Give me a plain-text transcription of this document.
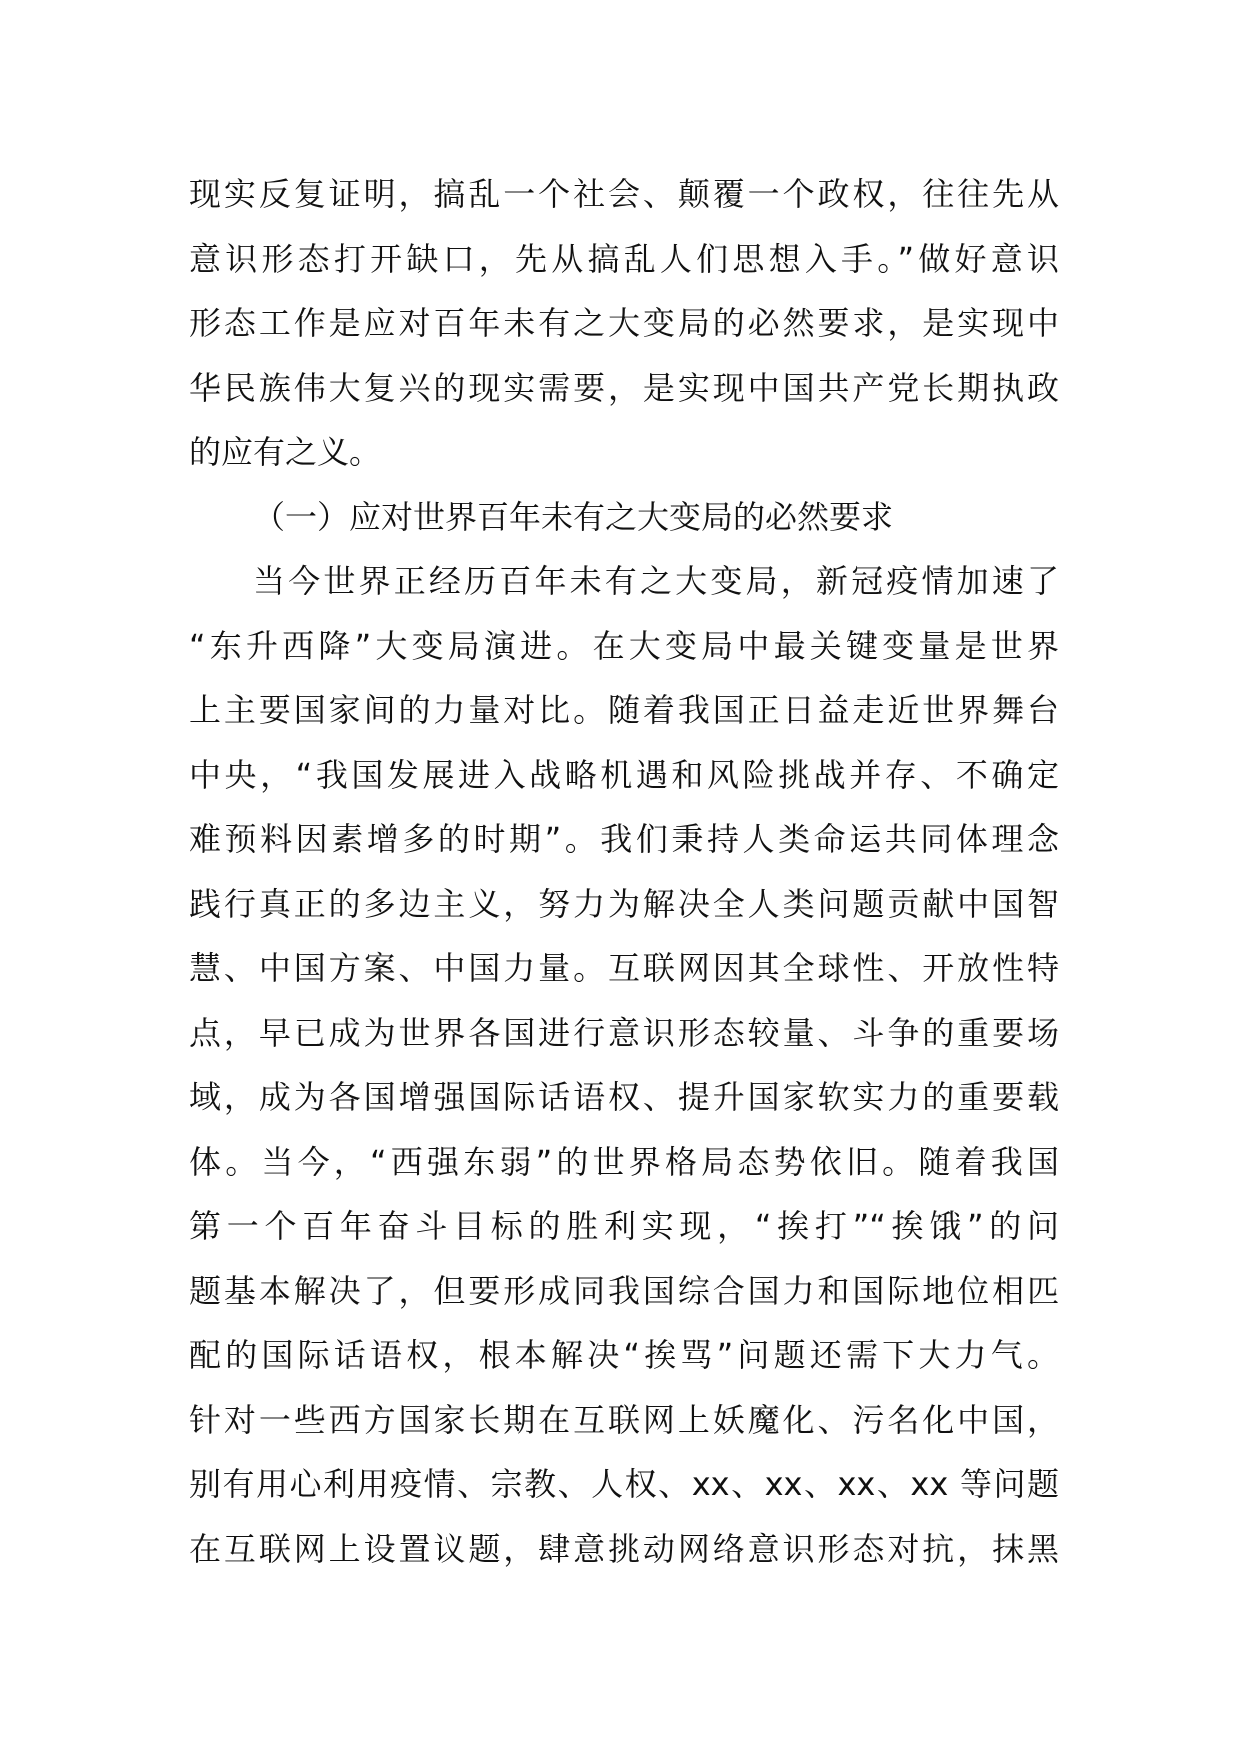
现实反复证明，搞乱一个社会、颠覆一个政权，往往先从
意识形态打开缺口，先从搞乱人们思想入手。”做好意识
形态工作是应对百年未有之大变局的必然要求，是实现中
华民族伟大复兴的现实需要，是实现中国共产党长期执政
的应有之义。
（一）应对世界百年未有之大变局的必然要求
当今世界正经历百年未有之大变局，新冠疫情加速了
“东升西降”大变局演进。在大变局中最关键变量是世界
上主要国家间的力量对比。随着我国正日益走近世界舞台
中央，“我国发展进入战略机遇和风险挑战并存、不确定
难预料因素增多的时期”。我们秉持人类命运共同体理念
践行真正的多边主义，努力为解决全人类问题贡献中国智
慧、中国方案、中国力量。互联网因其全球性、开放性特
点，早已成为世界各国进行意识形态较量、斗争的重要场
域，成为各国增强国际话语权、提升国家软实力的重要载
体。当今，“西强东弱”的世界格局态势依旧。随着我国
第一个百年奋斗目标的胜利实现，“挨打”“挨饿”的问
题基本解决了，但要形成同我国综合国力和国际地位相匹
配的国际话语权，根本解决“挨骂”问题还需下大力气。
针对一些西方国家长期在互联网上妖魔化、污名化中国，
别有用心利用疫情、宗教、人权、xx、xx、xx、xx 等问题
在互联网上设置议题，肆意挑动网络意识形态对抗，抹黑
